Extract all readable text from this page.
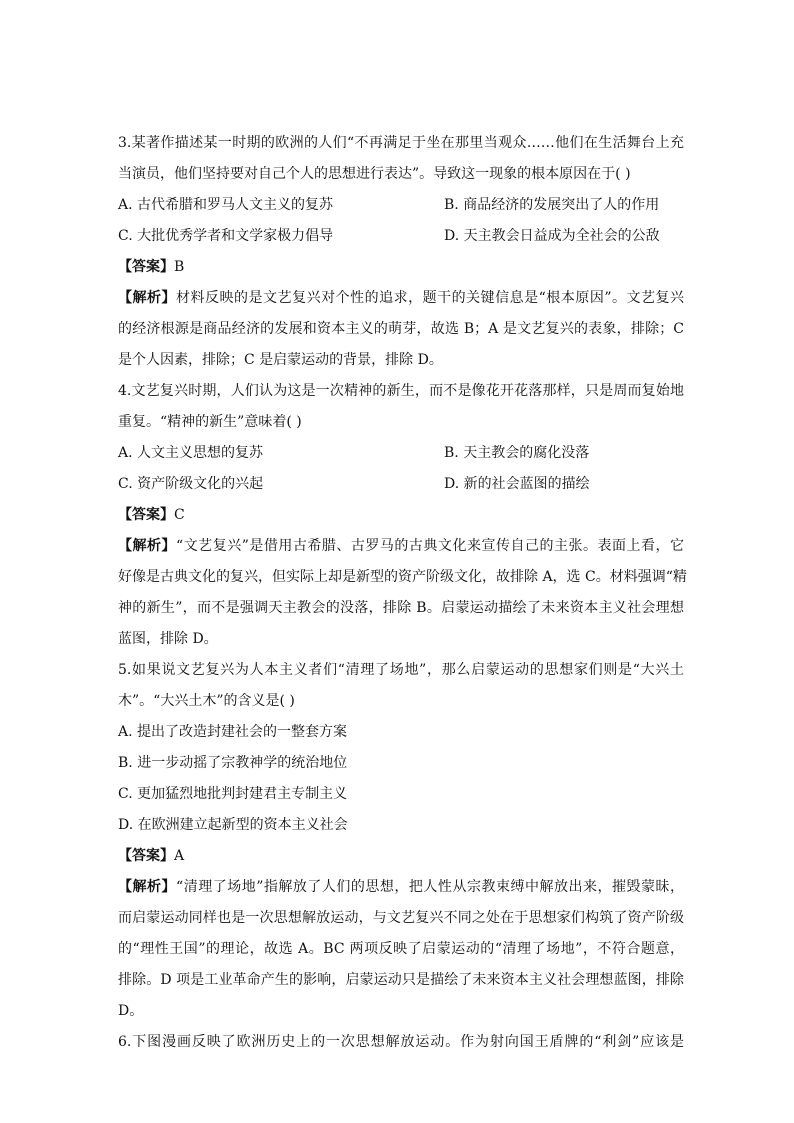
3.某著作描述某一时期的欧洲的人们“不再满足于坐在那里当观众……他们在生活舞台上充
当演员，他们坚持要对自己个人的思想进行表达”。导致这一现象的根本原因在于( )
A. 古代希腊和罗马人文主义的复苏	B. 商品经济的发展突出了人的作用
C. 大批优秀学者和文学家极力倡导	D. 天主教会日益成为全社会的公敌
【答案】B
【解析】材料反映的是文艺复兴对个性的追求，题干的关键信息是“根本原因”。文艺复兴
的经济根源是商品经济的发展和资本主义的萌芽，故选 B；A 是文艺复兴的表象，排除；C
是个人因素，排除；C 是启蒙运动的背景，排除 D。
4.文艺复兴时期，人们认为这是一次精神的新生，而不是像花开花落那样，只是周而复始地
重复。“精神的新生”意味着( )
A. 人文主义思想的复苏	B. 天主教会的腐化没落
C. 资产阶级文化的兴起	D. 新的社会蓝图的描绘
【答案】C
【解析】“文艺复兴”是借用古希腊、古罗马的古典文化来宣传自己的主张。表面上看，它
好像是古典文化的复兴，但实际上却是新型的资产阶级文化，故排除 A，选 C。材料强调“精
神的新生”，而不是强调天主教会的没落，排除 B。启蒙运动描绘了未来资本主义社会理想
蓝图，排除 D。
5.如果说文艺复兴为人本主义者们“清理了场地”，那么启蒙运动的思想家们则是“大兴土
木”。“大兴土木”的含义是( )
A. 提出了改造封建社会的一整套方案
B. 进一步动摇了宗教神学的统治地位
C. 更加猛烈地批判封建君主专制主义
D. 在欧洲建立起新型的资本主义社会
【答案】A
【解析】“清理了场地”指解放了人们的思想，把人性从宗教束缚中解放出来，摧毁蒙昧，
而启蒙运动同样也是一次思想解放运动，与文艺复兴不同之处在于思想家们构筑了资产阶级
的“理性王国”的理论，故选 A。BC 两项反映了启蒙运动的“清理了场地”，不符合题意，
排除。D 项是工业革命产生的影响，启蒙运动只是描绘了未来资本主义社会理想蓝图，排除
D。
6.下图漫画反映了欧洲历史上的一次思想解放运动。作为射向国王盾牌的“利剑”应该是
